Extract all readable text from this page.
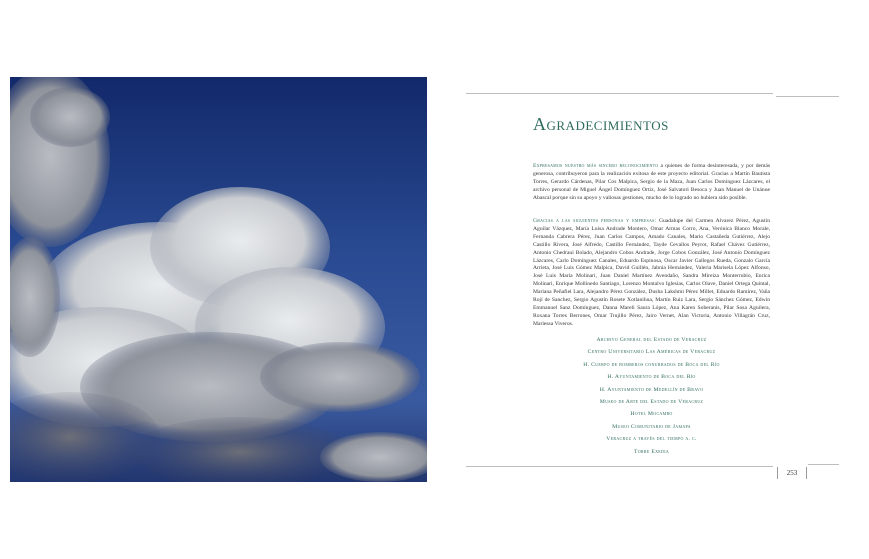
Agradecimientos
Expresamos nuestro más sincero reconocimiento a quienes de forma desinteresada, y por demás generosa, contribuyeron para la realización exitosa de este proyecto editorial. Gracias a Martín Bautista Torres, Gerardo Cárdenas, Pilar Cos Malpica, Sergio de la Maza, Juan Carlos Domínguez Lázcares, el archivo personal de Miguel Ángel Domínguez Ortiz, José Salvatori Besoca y Juan Manuel de Unánue Abascal porque sin su apoyo y valiosas gestiones, mucho de lo logrado no hubiera sido posible.
Gracias a las siguientes personas y empresas: Guadalupe del Carmen Alvarez Pérez, Agustín Aguilar Vázquez, María Luisa Andrade Montero, Omar Armas Corro, Ana, Verónica Blanco Morale, Fernanda Cabrera Pérez, Juan Carlos Campos, Amado Canales, Mario Castañeda Gutiérrez, Alejo Castillo Rivera, José Alfredo, Castillo Fernández, Tayde Cevallos Peyrot, Rafael Chávez Gutiérrez, Antonio Chedraui Bolado, Alejandro Cobos Andrade, Jorge Cobos González, José Antonio Domínguez Lázcares, Carlo Domínguez Canales, Eduardo Espinosa, Oscar Javier Gallegos Rueda, Gonzalo García Arrieta, José Luis Gómez Malpica, David Guillén, Jabnia Hernández, Valeria Marisela López Alfonso, José Luis María Molinari, Juan Daniel Martínez Avendaño, Sandra Mireiza Monterrubio, Enrica Molinari, Enrique Mollinedo Santiago, Lorenzo Montalvo Iglesias, Carlos Olave, Daniel Ortega Quintal, Mariana Peñafiel Lara, Alejandro Pérez González, Dusha Lakshmi Pérez Millet, Eduardo Ramírez, Vaña Rojí de Sanchez, Sergio Agustín Rosete Xotlanihua, Martín Ruiz Lara, Sergio Sánchez Gómez, Edwin Emmanuel Sanz Domínguez, Danna Mareli Saura López, Ana Karen Soberanis, Pilar Sosa Aguilera, Roxana Torres Berrones, Omar Trujillo Pérez, Jairo Vernet, Alan Victoria, Antonio Villagrán Cruz, Mariessa Viveros.
Archivo General del Estado de Veracruz
Centro Universitario Las Américas de Veracruz
H. Cuerpo de bomberos conurbados de Boca del Río
H. Ayuntamiento de Boca del Río
H. Ayuntamiento de Medellín de Bravo
Museo de Arte del Estado de Veracruz
Hotel Mocambo
Museo Comunitario de Jamapa
Veracruz a través del tiempo a. c.
Torre Exedia
253
